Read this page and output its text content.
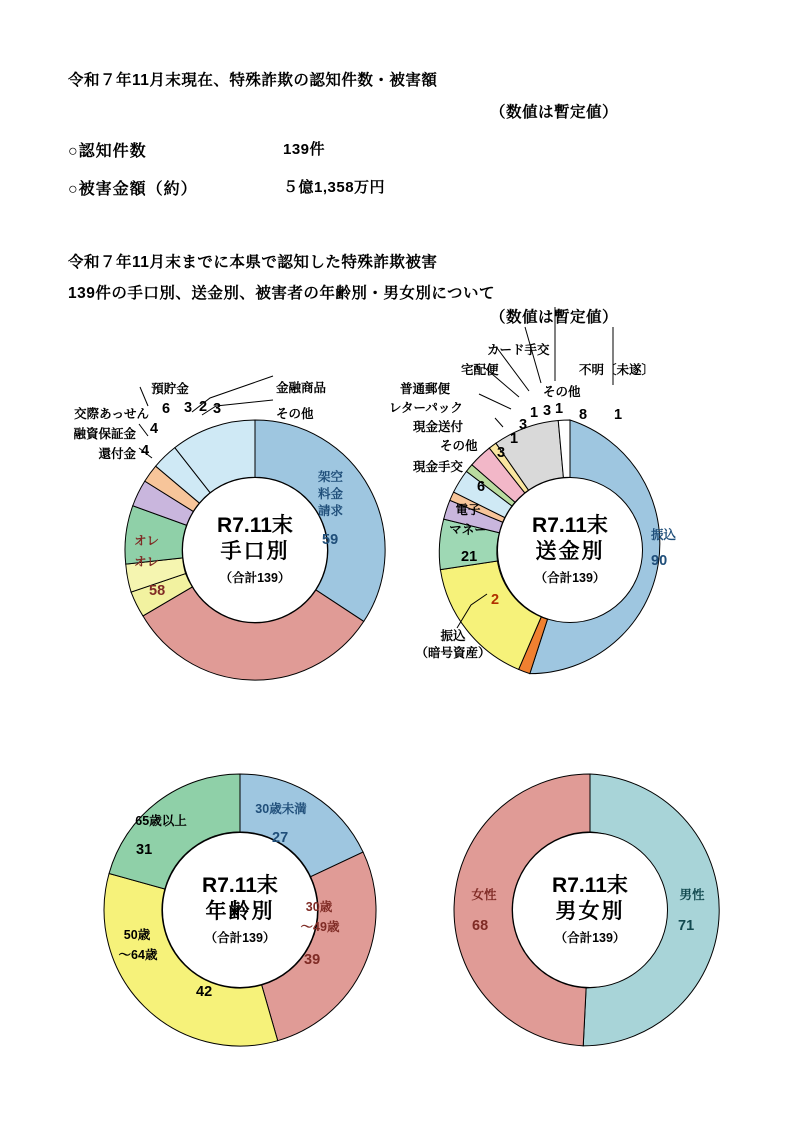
令和７年11月末現在、特殊詐欺の認知件数・被害額
（数値は暫定値）
○認知件数	139件
○被害金額（約）	５億1,358万円
令和７年11月末までに本県で認知した特殊詐欺被害
139件の手口別、送金別、被害者の年齢別・男女別について
（数値は暫定値）
R7.11末
手口別
（合計139）
架空
料金
請求
59
オレ
オレ
58
還付金 4
融資保証金 4
交際あっせん 6
預貯金
3
金融商品
2	その他
3
R7.11末
送金別
（合計139）
振込
90
振込
（暗号資産）
2
電子
マネー
21
現金手交
6
その他 3
現金送付
1
レターパック
3
普通郵便
1
宅配便
3
カード手交
1
その他
8
不明〔未遂〕
1
R7.11末
年齢別
（合計139）
30歳未満
27
30歳
～49歳
39
50歳
～64歳
42
65歳以上
31
R7.11末
男女別
（合計139）
男性
71
女性
68
